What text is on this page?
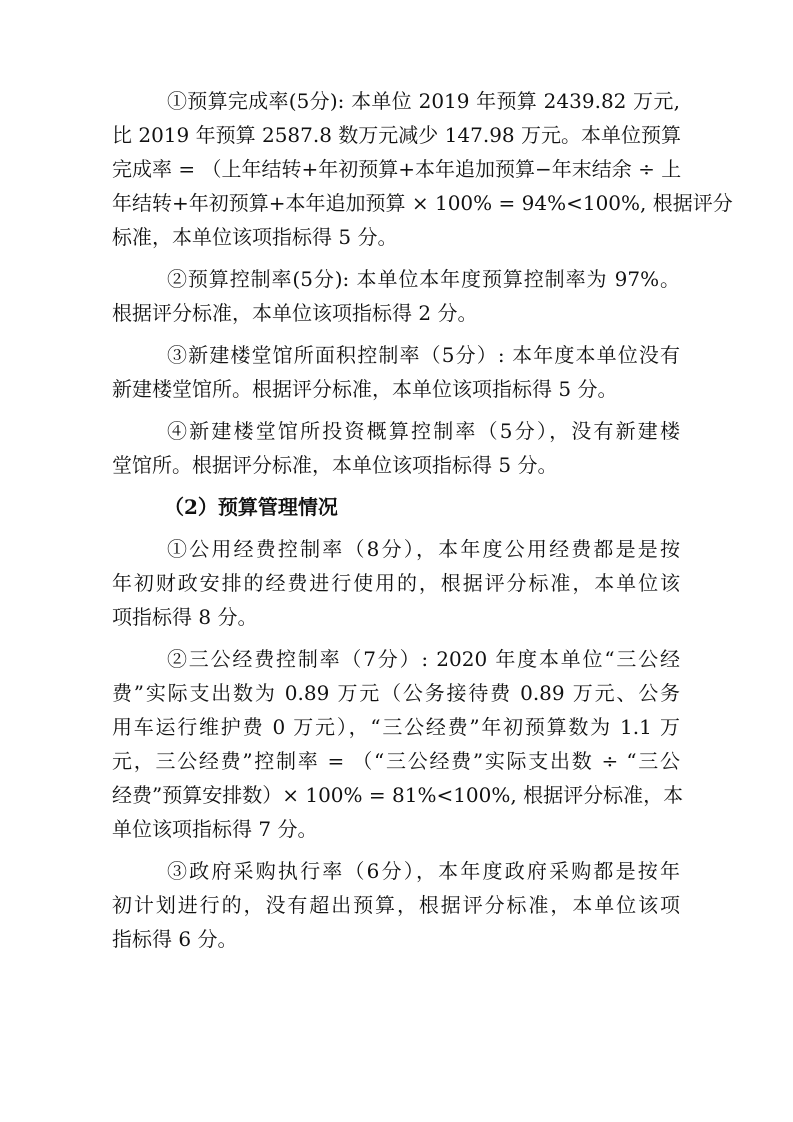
①预算完成率(5分): 本单位 2019 年预算 2439.82 万元,
比 2019 年预算 2587.8 数万元减少 147.98 万元。本单位预算
完成率 = （上年结转+年初预算+本年追加预算−年末结余 ÷ 上
年结转+年初预算+本年追加预算 × 100% = 94%<100%, 根据评分
标准，本单位该项指标得 5 分。
②预算控制率(5分): 本单位本年度预算控制率为 97%。
根据评分标准，本单位该项指标得 2 分。
③新建楼堂馆所面积控制率（5分）: 本年度本单位没有
新建楼堂馆所。根据评分标准，本单位该项指标得 5 分。
④新建楼堂馆所投资概算控制率（5分），没有新建楼
堂馆所。根据评分标准，本单位该项指标得 5 分。
（2）预算管理情况
①公用经费控制率（8分），本年度公用经费都是是按
年初财政安排的经费进行使用的，根据评分标准，本单位该
项指标得 8 分。
②三公经费控制率（7分）: 2020 年度本单位“三公经
费”实际支出数为 0.89 万元（公务接待费 0.89 万元、公务
用车运行维护费 0 万元），“三公经费”年初预算数为 1.1 万
元，三公经费”控制率 = （“三公经费”实际支出数 ÷ “三公
经费”预算安排数）× 100% = 81%<100%, 根据评分标准，本
单位该项指标得 7 分。
③政府采购执行率（6分），本年度政府采购都是按年
初计划进行的，没有超出预算，根据评分标准，本单位该项
指标得 6 分。
